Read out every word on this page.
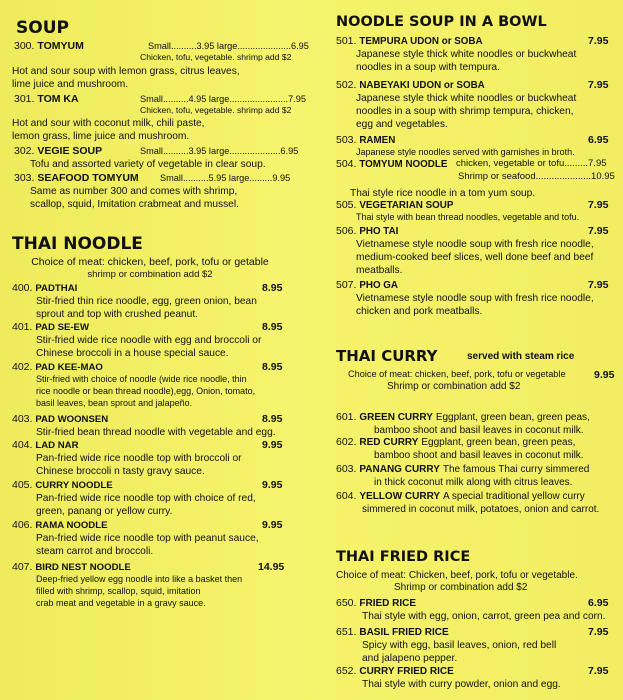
SOUP
300. TOMYUM	Small..........3.95 large.....................6.95
Chicken, tofu, vegetable. shrimp add $2
Hot and sour soup with lemon grass, citrus leaves,
lime juice and mushroom.
301. TOM KA	Small..........4.95 large.......................7.95
Chicken, tofu, vegetable. shrimp add $2
Hot and sour with coconut milk, chili paste,
lemon grass, lime juice and mushroom.
302. VEGIE SOUP	Small..........3.95 large....................6.95
Tofu and assorted variety of vegetable in clear soup.
303. SEAFOOD TOMYUM Small..........5.95 large.........9.95
Same as number 300 and comes with shrimp,
scallop, squid, Imitation crabmeat and mussel.
THAI NOODLE
Choice of meat: chicken, beef, pork, tofu or getable
shrimp or combination add $2
400. PADTHAI	8.95
Stir-fried thin rice noodle, egg, green onion, bean
sprout and top with crushed peanut.
401. PAD SE-EW	8.95
Stir-fried wide rice noodle with egg and broccoli or
Chinese broccoli in a house special sauce.
402. PAD KEE-MAO	8.95
Stir-fried with choice of noodle (wide rice noodle, thin
rice noodle or bean thread noodle),egg, Onion, tomato,
basil leaves, bean sprout and jalapeño.
403. PAD WOONSEN	8.95
Stir-fried bean thread noodle with vegetable and egg.
404. LAD NAR	9.95
Pan-fried wide rice noodle top with broccoli or
Chinese broccoli n tasty gravy sauce.
405. CURRY NOODLE	9.95
Pan-fried wide rice noodle top with choice of red,
green, panang or yellow curry.
406. RAMA NOODLE	9.95
Pan-fried wide rice noodle top with peanut sauce,
steam carrot and broccoli.
407. BIRD NEST NOODLE	14.95
Deep-fried yellow egg noodle into like a basket then
filled with shrimp, scallop, squid, imitation
crab meat and vegetable in a gravy sauce.
NOODLE SOUP IN A BOWL
501. TEMPURA UDON or SOBA	7.95
Japanese style thick white noodles or buckwheat
noodles in a soup with tempura.
502. NABEYAKI UDON or SOBA	7.95
Japanese style thick white noodles or buckwheat
noodles in a soup with shrimp tempura, chicken,
egg and vegetables.
503. RAMEN	6.95
Japanese style noodles served with garnishes in broth.
504. TOMYUM NOODLE chicken, vegetable or tofu.........7.95
Shrimp or seafood.....................10.95
Thai style rice noodle in a tom yum soup.
505. VEGETARIAN SOUP	7.95
Thai style with bean thread noodles, vegetable and tofu.
506. PHO TAI	7.95
Vietnamese style noodle soup with fresh rice noodle,
medium-cooked beef slices, well done beef and beef
meatballs.
507. PHO GA	7.95
Vietnamese style noodle soup with fresh rice noodle,
chicken and pork meatballs.
THAI CURRY	served with steam rice
Choice of meat: chicken, beef, pork, tofu or vegetable
Shrimp or combination add $2
9.95
601. GREEN CURRY Eggplant, green bean, green peas,
bamboo shoot and basil leaves in coconut milk.
602. RED CURRY Eggplant, green bean, green peas,
bamboo shoot and basil leaves in coconut milk.
603. PANANG CURRY The famous Thai curry simmered
in thick coconut milk along with citrus leaves.
604. YELLOW CURRY A special traditional yellow curry
simmered in coconut milk, potatoes, onion and carrot.
THAI FRIED RICE
Choice of meat: Chicken, beef, pork, tofu or vegetable.
Shrimp or combination add $2
650. FRIED RICE	6.95
Thai style with egg, onion, carrot, green pea and corn.
651. BASIL FRIED RICE	7.95
Spicy with egg, basil leaves, onion, red bell
and jalapeno pepper.
652. CURRY FRIED RICE	7.95
Thai style with curry powder, onion and egg.
